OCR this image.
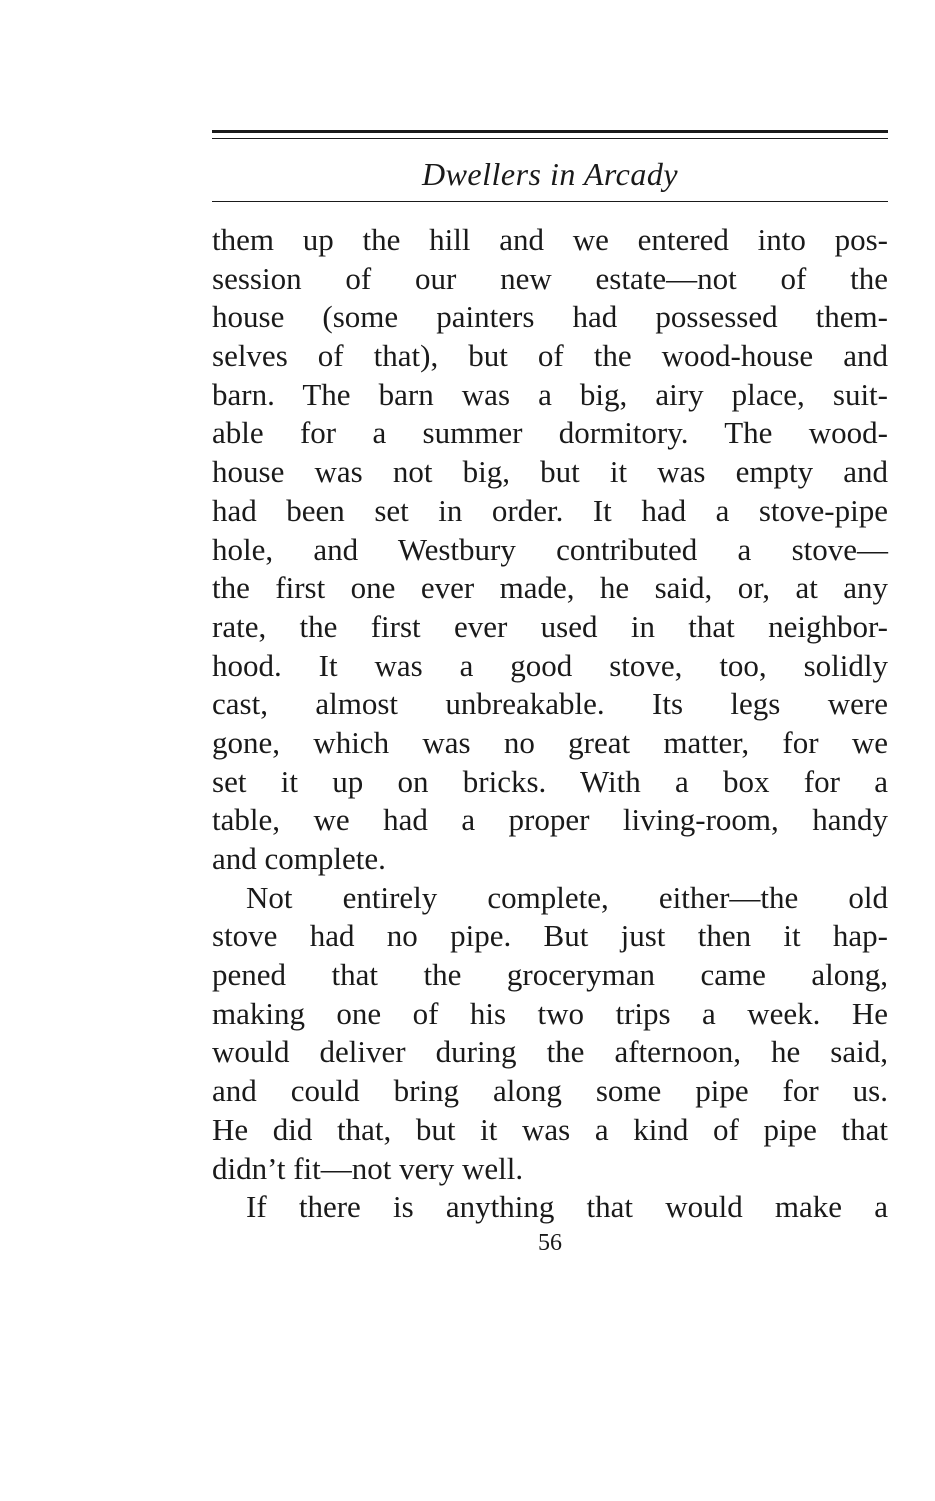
Dwellers in Arcady
them up the hill and we entered into pos-
session of our new estate—not of the
house (some painters had possessed them-
selves of that), but of the wood-house and
barn. The barn was a big, airy place, suit-
able for a summer dormitory. The wood-
house was not big, but it was empty and
had been set in order. It had a stove-pipe
hole, and Westbury contributed a stove—
the first one ever made, he said, or, at any
rate, the first ever used in that neighbor-
hood. It was a good stove, too, solidly
cast, almost unbreakable. Its legs were
gone, which was no great matter, for we
set it up on bricks. With a box for a
table, we had a proper living-room, handy
and complete.
Not entirely complete, either—the old
stove had no pipe. But just then it hap-
pened that the groceryman came along,
making one of his two trips a week. He
would deliver during the afternoon, he said,
and could bring along some pipe for us.
He did that, but it was a kind of pipe that
didn’t fit—not very well.
If there is anything that would make a
56
